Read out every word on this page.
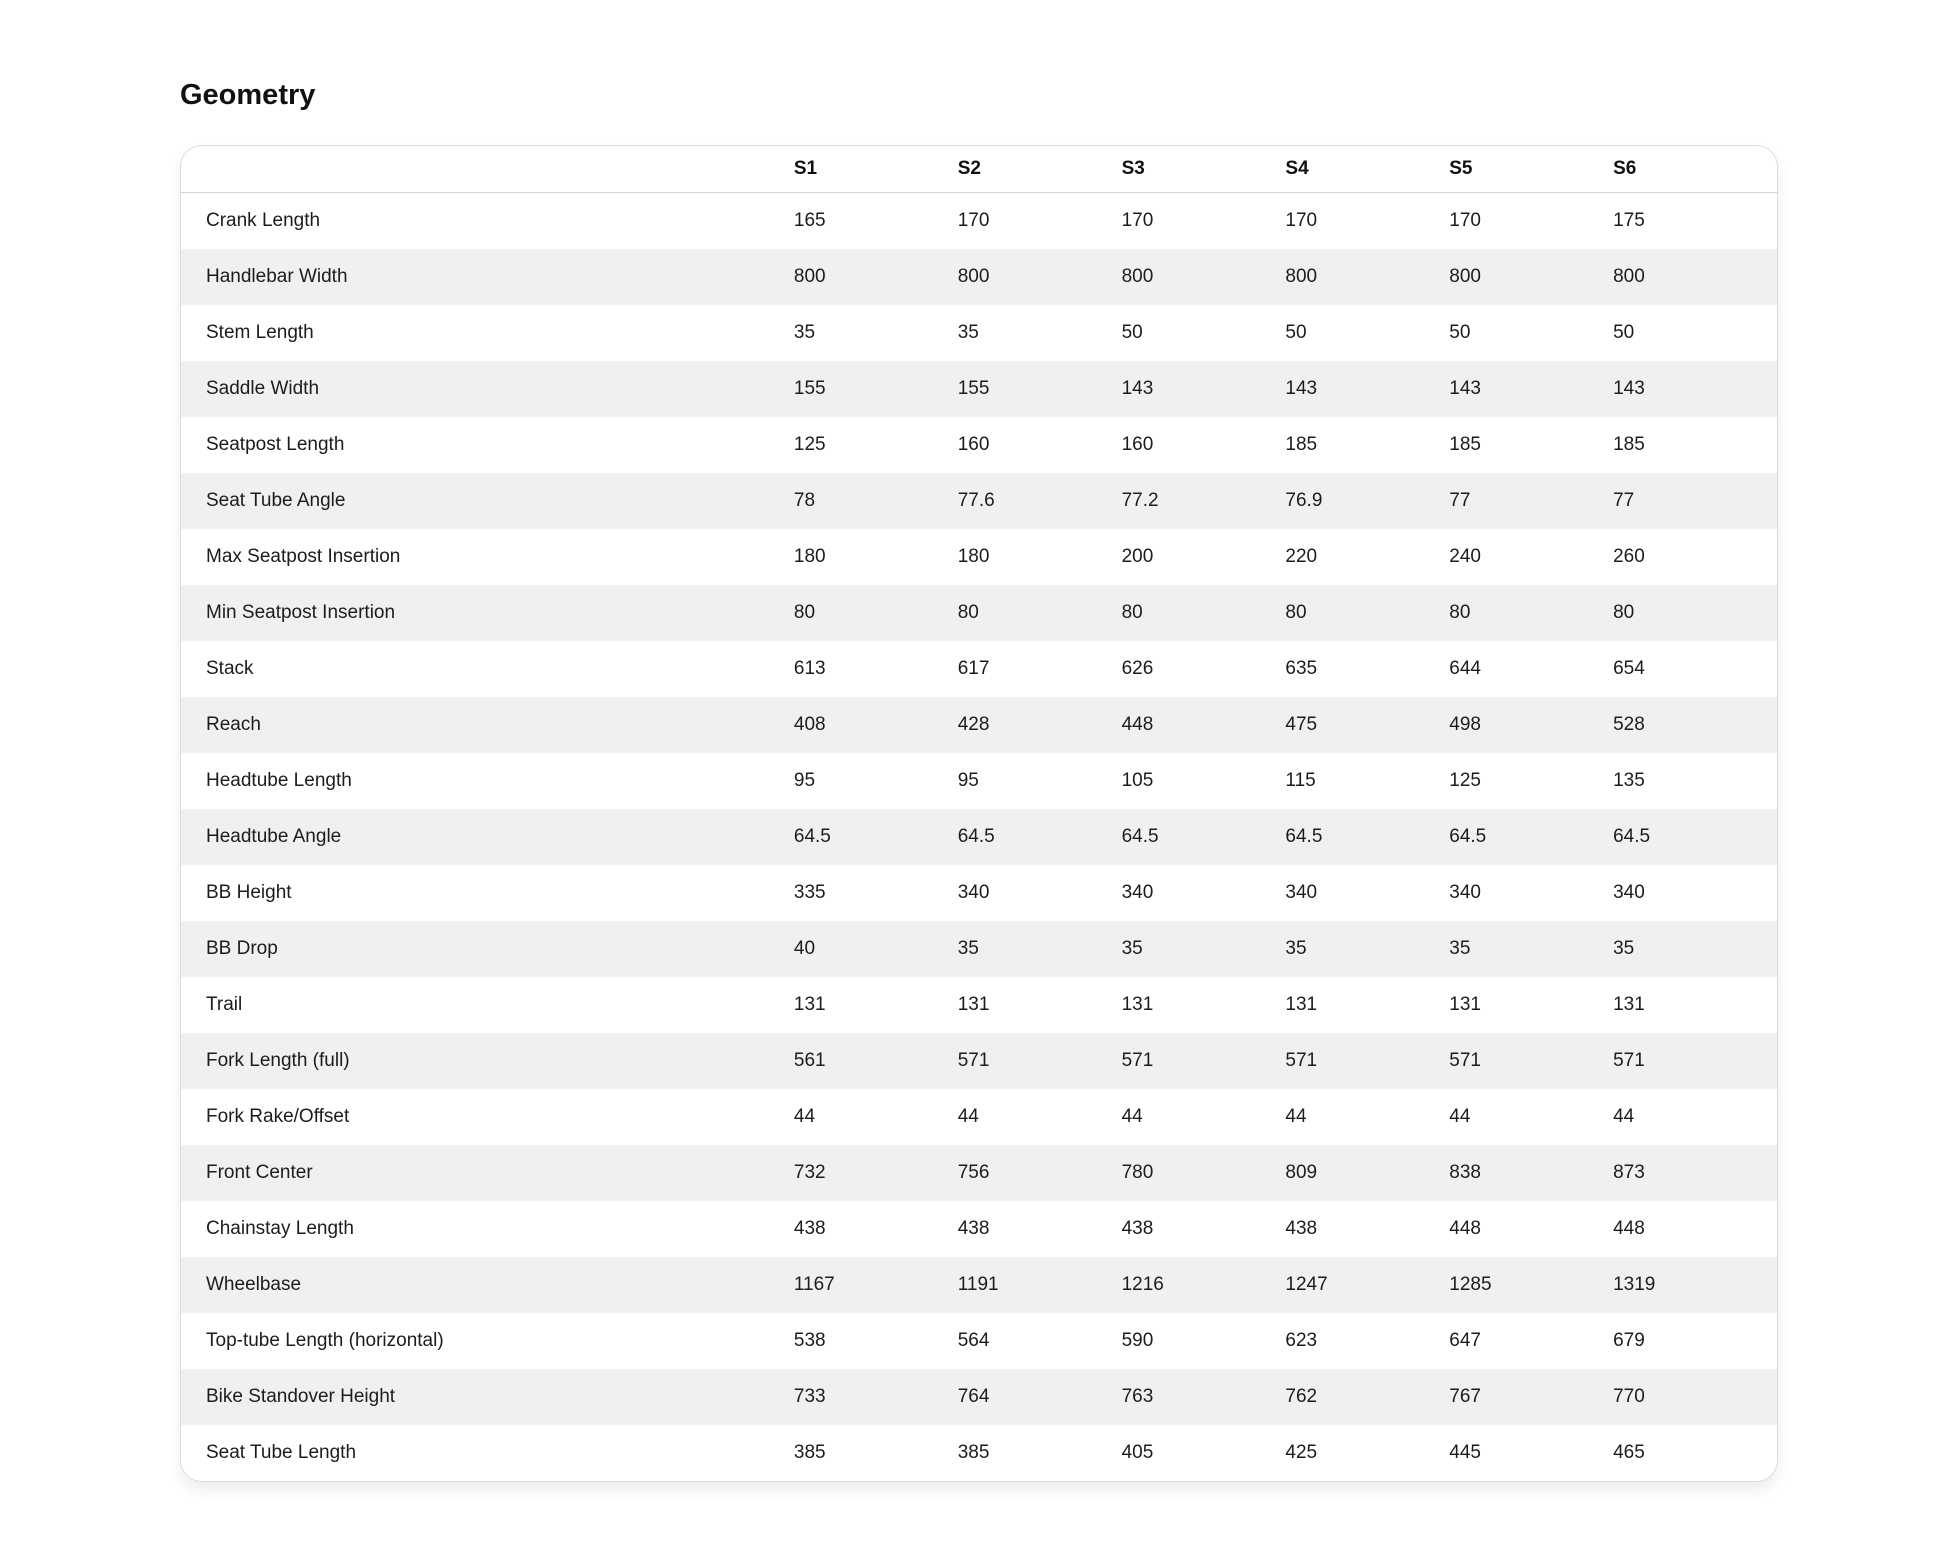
Geometry
	S1	S2	S3	S4	S5	S6
Crank Length	165	170	170	170	170	175
Handlebar Width	800	800	800	800	800	800
Stem Length	35	35	50	50	50	50
Saddle Width	155	155	143	143	143	143
Seatpost Length	125	160	160	185	185	185
Seat Tube Angle	78	77.6	77.2	76.9	77	77
Max Seatpost Insertion	180	180	200	220	240	260
Min Seatpost Insertion	80	80	80	80	80	80
Stack	613	617	626	635	644	654
Reach	408	428	448	475	498	528
Headtube Length	95	95	105	115	125	135
Headtube Angle	64.5	64.5	64.5	64.5	64.5	64.5
BB Height	335	340	340	340	340	340
BB Drop	40	35	35	35	35	35
Trail	131	131	131	131	131	131
Fork Length (full)	561	571	571	571	571	571
Fork Rake/Offset	44	44	44	44	44	44
Front Center	732	756	780	809	838	873
Chainstay Length	438	438	438	438	448	448
Wheelbase	1167	1191	1216	1247	1285	1319
Top-tube Length (horizontal)	538	564	590	623	647	679
Bike Standover Height	733	764	763	762	767	770
Seat Tube Length	385	385	405	425	445	465
